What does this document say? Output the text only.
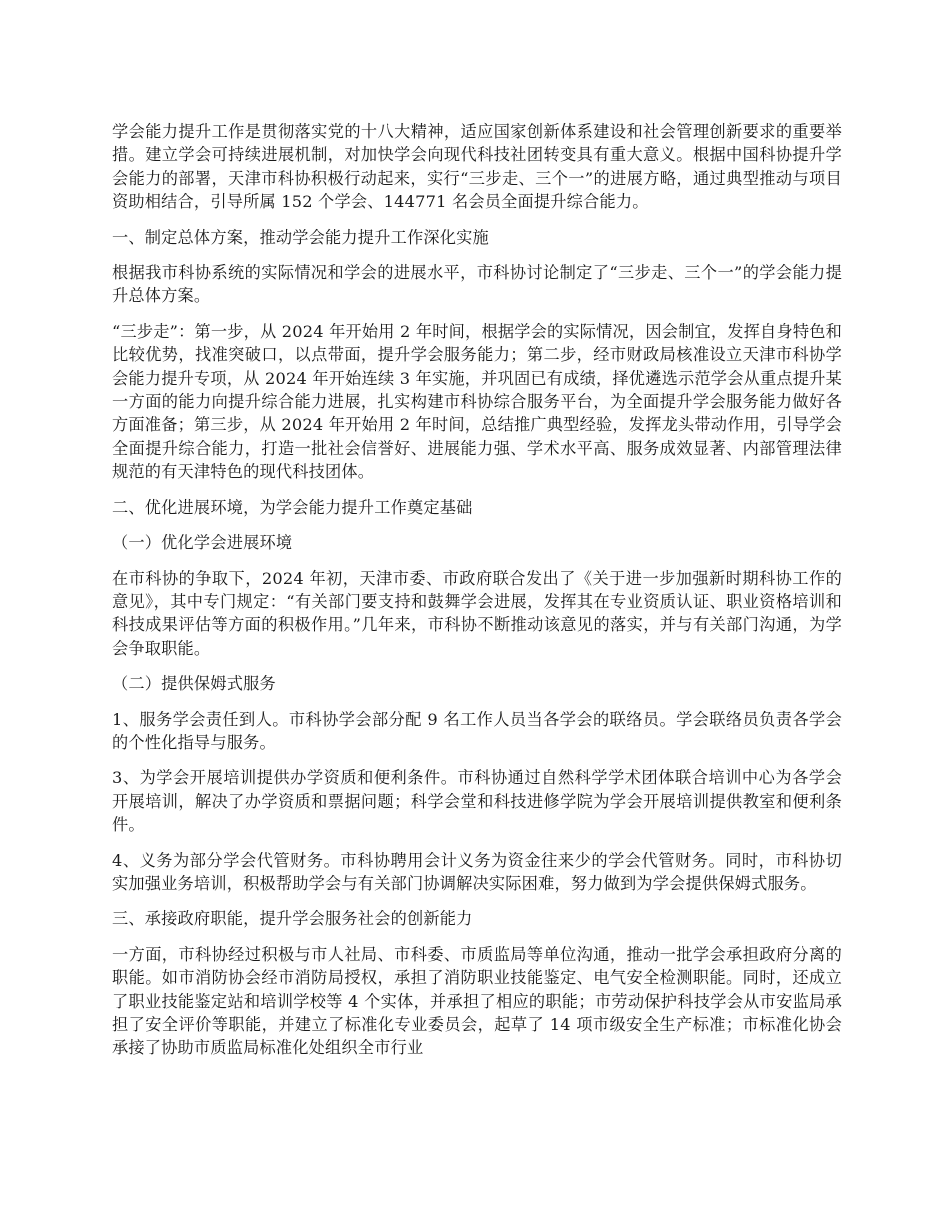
学会能力提升工作是贯彻落实党的十八大精神，适应国家创新体系建设和社会管理创新要求的重要举措。建立学会可持续进展机制，对加快学会向现代科技社团转变具有重大意义。根据中国科协提升学会能力的部署，天津市科协积极行动起来，实行“三步走、三个一”的进展方略，通过典型推动与项目资助相结合，引导所属 152 个学会、144771 名会员全面提升综合能力。

一、制定总体方案，推动学会能力提升工作深化实施

根据我市科协系统的实际情况和学会的进展水平，市科协讨论制定了“三步走、三个一”的学会能力提升总体方案。

“三步走”：第一步，从 2024 年开始用 2 年时间，根据学会的实际情况，因会制宜，发挥自身特色和比较优势，找准突破口，以点带面，提升学会服务能力；第二步，经市财政局核准设立天津市科协学会能力提升专项，从 2024 年开始连续 3 年实施，并巩固已有成绩，择优遴选示范学会从重点提升某一方面的能力向提升综合能力进展，扎实构建市科协综合服务平台，为全面提升学会服务能力做好各方面准备；第三步，从 2024 年开始用 2 年时间，总结推广典型经验，发挥龙头带动作用，引导学会全面提升综合能力，打造一批社会信誉好、进展能力强、学术水平高、服务成效显著、内部管理法律规范的有天津特色的现代科技团体。

二、优化进展环境，为学会能力提升工作奠定基础

（一）优化学会进展环境

在市科协的争取下，2024 年初，天津市委、市政府联合发出了《关于进一步加强新时期科协工作的意见》，其中专门规定：“有关部门要支持和鼓舞学会进展，发挥其在专业资质认证、职业资格培训和科技成果评估等方面的积极作用。”几年来，市科协不断推动该意见的落实，并与有关部门沟通，为学会争取职能。

（二）提供保姆式服务

1、服务学会责任到人。市科协学会部分配 9 名工作人员当各学会的联络员。学会联络员负责各学会的个性化指导与服务。

3、为学会开展培训提供办学资质和便利条件。市科协通过自然科学学术团体联合培训中心为各学会开展培训，解决了办学资质和票据问题；科学会堂和科技进修学院为学会开展培训提供教室和便利条件。

4、义务为部分学会代管财务。市科协聘用会计义务为资金往来少的学会代管财务。同时，市科协切实加强业务培训，积极帮助学会与有关部门协调解决实际困难，努力做到为学会提供保姆式服务。

三、承接政府职能，提升学会服务社会的创新能力

一方面，市科协经过积极与市人社局、市科委、市质监局等单位沟通，推动一批学会承担政府分离的职能。如市消防协会经市消防局授权，承担了消防职业技能鉴定、电气安全检测职能。同时，还成立了职业技能鉴定站和培训学校等 4 个实体，并承担了相应的职能；市劳动保护科技学会从市安监局承担了安全评价等职能，并建立了标准化专业委员会，起草了 14 项市级安全生产标准；市标准化协会承接了协助市质监局标准化处组织全市行业
